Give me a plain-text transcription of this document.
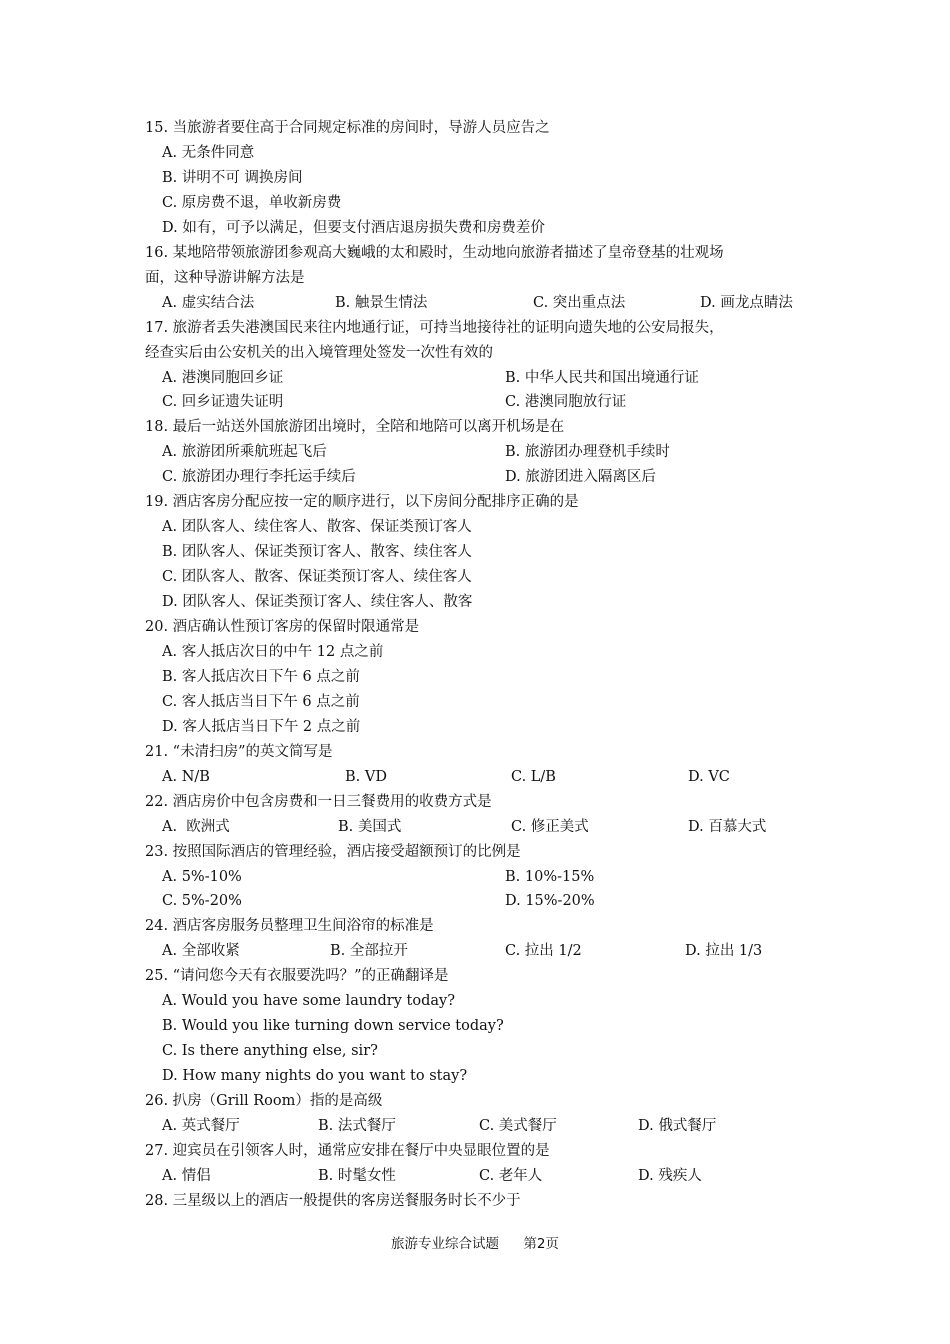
15. 当旅游者要住高于合同规定标准的房间时，导游人员应告之
A. 无条件同意
B. 讲明不可 调换房间
C. 原房费不退，单收新房费
D. 如有，可予以满足，但要支付酒店退房损失费和房费差价
16. 某地陪带领旅游团参观高大巍峨的太和殿时，生动地向旅游者描述了皇帝登基的壮观场
面，这种导游讲解方法是
A. 虚实结合法	B. 触景生情法	C. 突出重点法	D. 画龙点睛法
17. 旅游者丢失港澳国民来往内地通行证，可持当地接待社的证明向遗失地的公安局报失，
经查实后由公安机关的出入境管理处签发一次性有效的
A. 港澳同胞回乡证	B. 中华人民共和国出境通行证
C. 回乡证遗失证明	C. 港澳同胞放行证
18. 最后一站送外国旅游团出境时，全陪和地陪可以离开机场是在
A. 旅游团所乘航班起飞后	B. 旅游团办理登机手续时
C. 旅游团办理行李托运手续后	D. 旅游团进入隔离区后
19. 酒店客房分配应按一定的顺序进行，以下房间分配排序正确的是
A. 团队客人、续住客人、散客、保证类预订客人
B. 团队客人、保证类预订客人、散客、续住客人
C. 团队客人、散客、保证类预订客人、续住客人
D. 团队客人、保证类预订客人、续住客人、散客
20. 酒店确认性预订客房的保留时限通常是
A. 客人抵店次日的中午 12 点之前
B. 客人抵店次日下午 6 点之前
C. 客人抵店当日下午 6 点之前
D. 客人抵店当日下午 2 点之前
21. “未清扫房”的英文简写是
A. N/B	B. VD	C. L/B	D. VC
22. 酒店房价中包含房费和一日三餐费用的收费方式是
A.  欧洲式	B. 美国式	C. 修正美式	D. 百慕大式
23. 按照国际酒店的管理经验，酒店接受超额预订的比例是
A. 5%-10%	B. 10%-15%
C. 5%-20%	D. 15%-20%
24. 酒店客房服务员整理卫生间浴帘的标准是
A. 全部收紧	B. 全部拉开	C. 拉出 1/2	D. 拉出 1/3
25. “请问您今天有衣服要洗吗？”的正确翻译是
A. Would you have some laundry today?
B. Would you like turning down service today?
C. Is there anything else, sir?
D. How many nights do you want to stay?
26. 扒房（Grill Room）指的是高级
A. 英式餐厅	B. 法式餐厅	C. 美式餐厅	D. 俄式餐厅
27. 迎宾员在引领客人时，通常应安排在餐厅中央显眼位置的是
A. 情侣	B. 时髦女性	C. 老年人	D. 残疾人
28. 三星级以上的酒店一般提供的客房送餐服务时长不少于
旅游专业综合试题 第2页
